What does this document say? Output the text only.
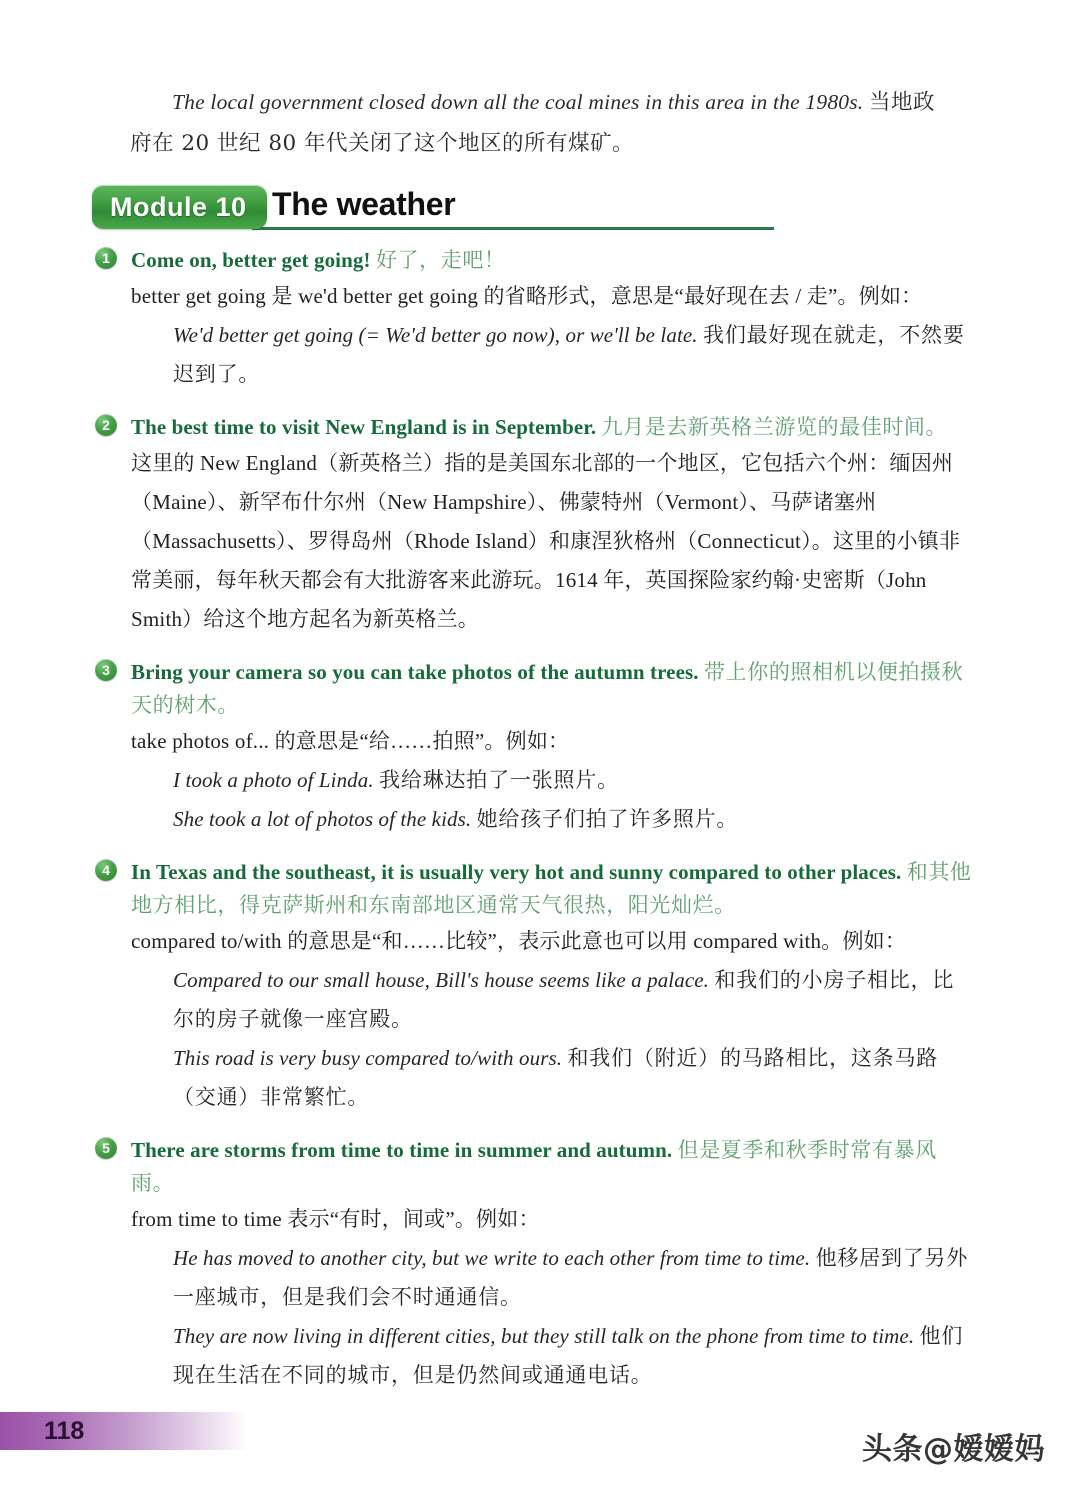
The local government closed down all the coal mines in this area in the 1980s. 当地政
府在 20 世纪 80 年代关闭了这个地区的所有煤矿。
Module 10 The weather
1	Come on, better get going! 好了，走吧！
better get going 是 we'd better get going 的省略形式，意思是“最好现在去 / 走”。例如：
We'd better get going (= We'd better go now), or we'll be late. 我们最好现在就走，不然要迟到了。
2	The best time to visit New England is in September. 九月是去新英格兰游览的最佳时间。
这里的 New England（新英格兰）指的是美国东北部的一个地区，它包括六个州：缅因州（Maine）、新罕布什尔州（New Hampshire）、佛蒙特州（Vermont）、马萨诸塞州（Massachusetts）、罗得岛州（Rhode Island）和康涅狄格州（Connecticut）。这里的小镇非常美丽，每年秋天都会有大批游客来此游玩。1614 年，英国探险家约翰·史密斯（John Smith）给这个地方起名为新英格兰。
3	Bring your camera so you can take photos of the autumn trees. 带上你的照相机以便拍摄秋天的树木。
take photos of... 的意思是“给……拍照”。例如：
I took a photo of Linda. 我给琳达拍了一张照片。
She took a lot of photos of the kids. 她给孩子们拍了许多照片。
4	In Texas and the southeast, it is usually very hot and sunny compared to other places. 和其他地方相比，得克萨斯州和东南部地区通常天气很热，阳光灿烂。
compared to/with 的意思是“和……比较”，表示此意也可以用 compared with。例如：
Compared to our small house, Bill's house seems like a palace. 和我们的小房子相比，比尔的房子就像一座宫殿。
This road is very busy compared to/with ours. 和我们（附近）的马路相比，这条马路（交通）非常繁忙。
5	There are storms from time to time in summer and autumn. 但是夏季和秋季时常有暴风雨。
from time to time 表示“有时，间或”。例如：
He has moved to another city, but we write to each other from time to time. 他移居到了另外一座城市，但是我们会不时通通信。
They are now living in different cities, but they still talk on the phone from time to time. 他们现在生活在不同的城市，但是仍然间或通通电话。
118
头条@嫒嫒妈
